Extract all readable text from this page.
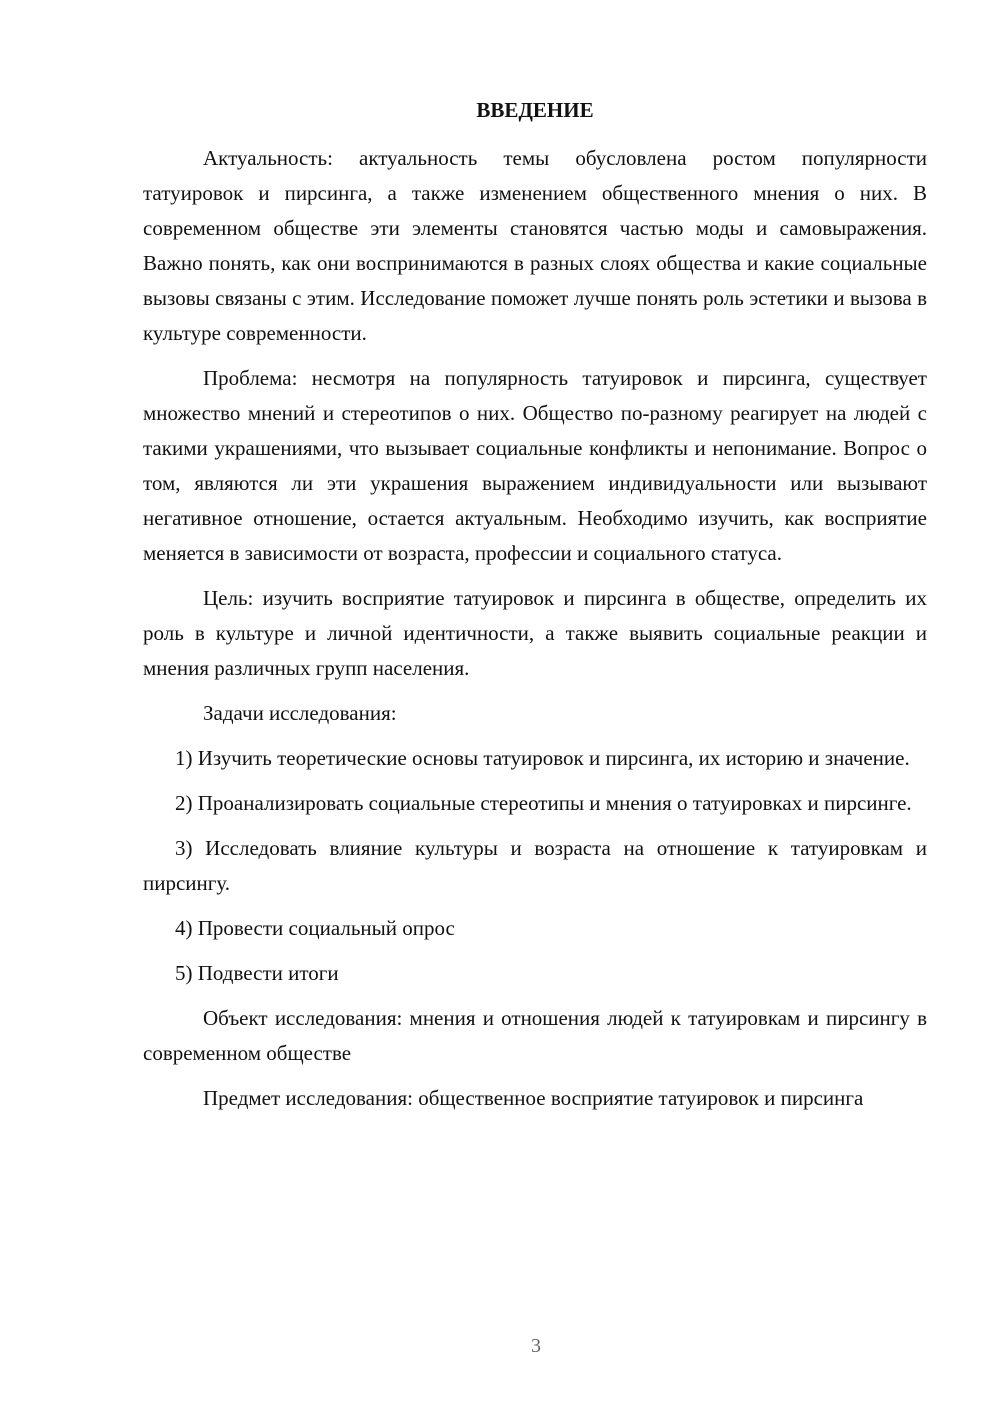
ВВЕДЕНИЕ

Актуальность: актуальность темы обусловлена ростом популярности татуировок и пирсинга, а также изменением общественного мнения о них. В современном обществе эти элементы становятся частью моды и самовыражения. Важно понять, как они воспринимаются в разных слоях общества и какие социальные вызовы связаны с этим. Исследование поможет лучше понять роль эстетики и вызова в культуре современности.

Проблема: несмотря на популярность татуировок и пирсинга, существует множество мнений и стереотипов о них. Общество по-разному реагирует на людей с такими украшениями, что вызывает социальные конфликты и непонимание. Вопрос о том, являются ли эти украшения выражением индивидуальности или вызывают негативное отношение, остается актуальным. Необходимо изучить, как восприятие меняется в зависимости от возраста, профессии и социального статуса.

Цель: изучить восприятие татуировок и пирсинга в обществе, определить их роль в культуре и личной идентичности, а также выявить социальные реакции и мнения различных групп населения.

Задачи исследования:

1) Изучить теоретические основы татуировок и пирсинга, их историю и значение.

2) Проанализировать социальные стереотипы и мнения о татуировках и пирсинге.

3) Исследовать влияние культуры и возраста на отношение к татуировкам и пирсингу.

4) Провести социальный опрос

5) Подвести итоги

Объект исследования: мнения и отношения людей к татуировкам и пирсингу в современном обществе

Предмет исследования: общественное восприятие татуировок и пирсинга

3
